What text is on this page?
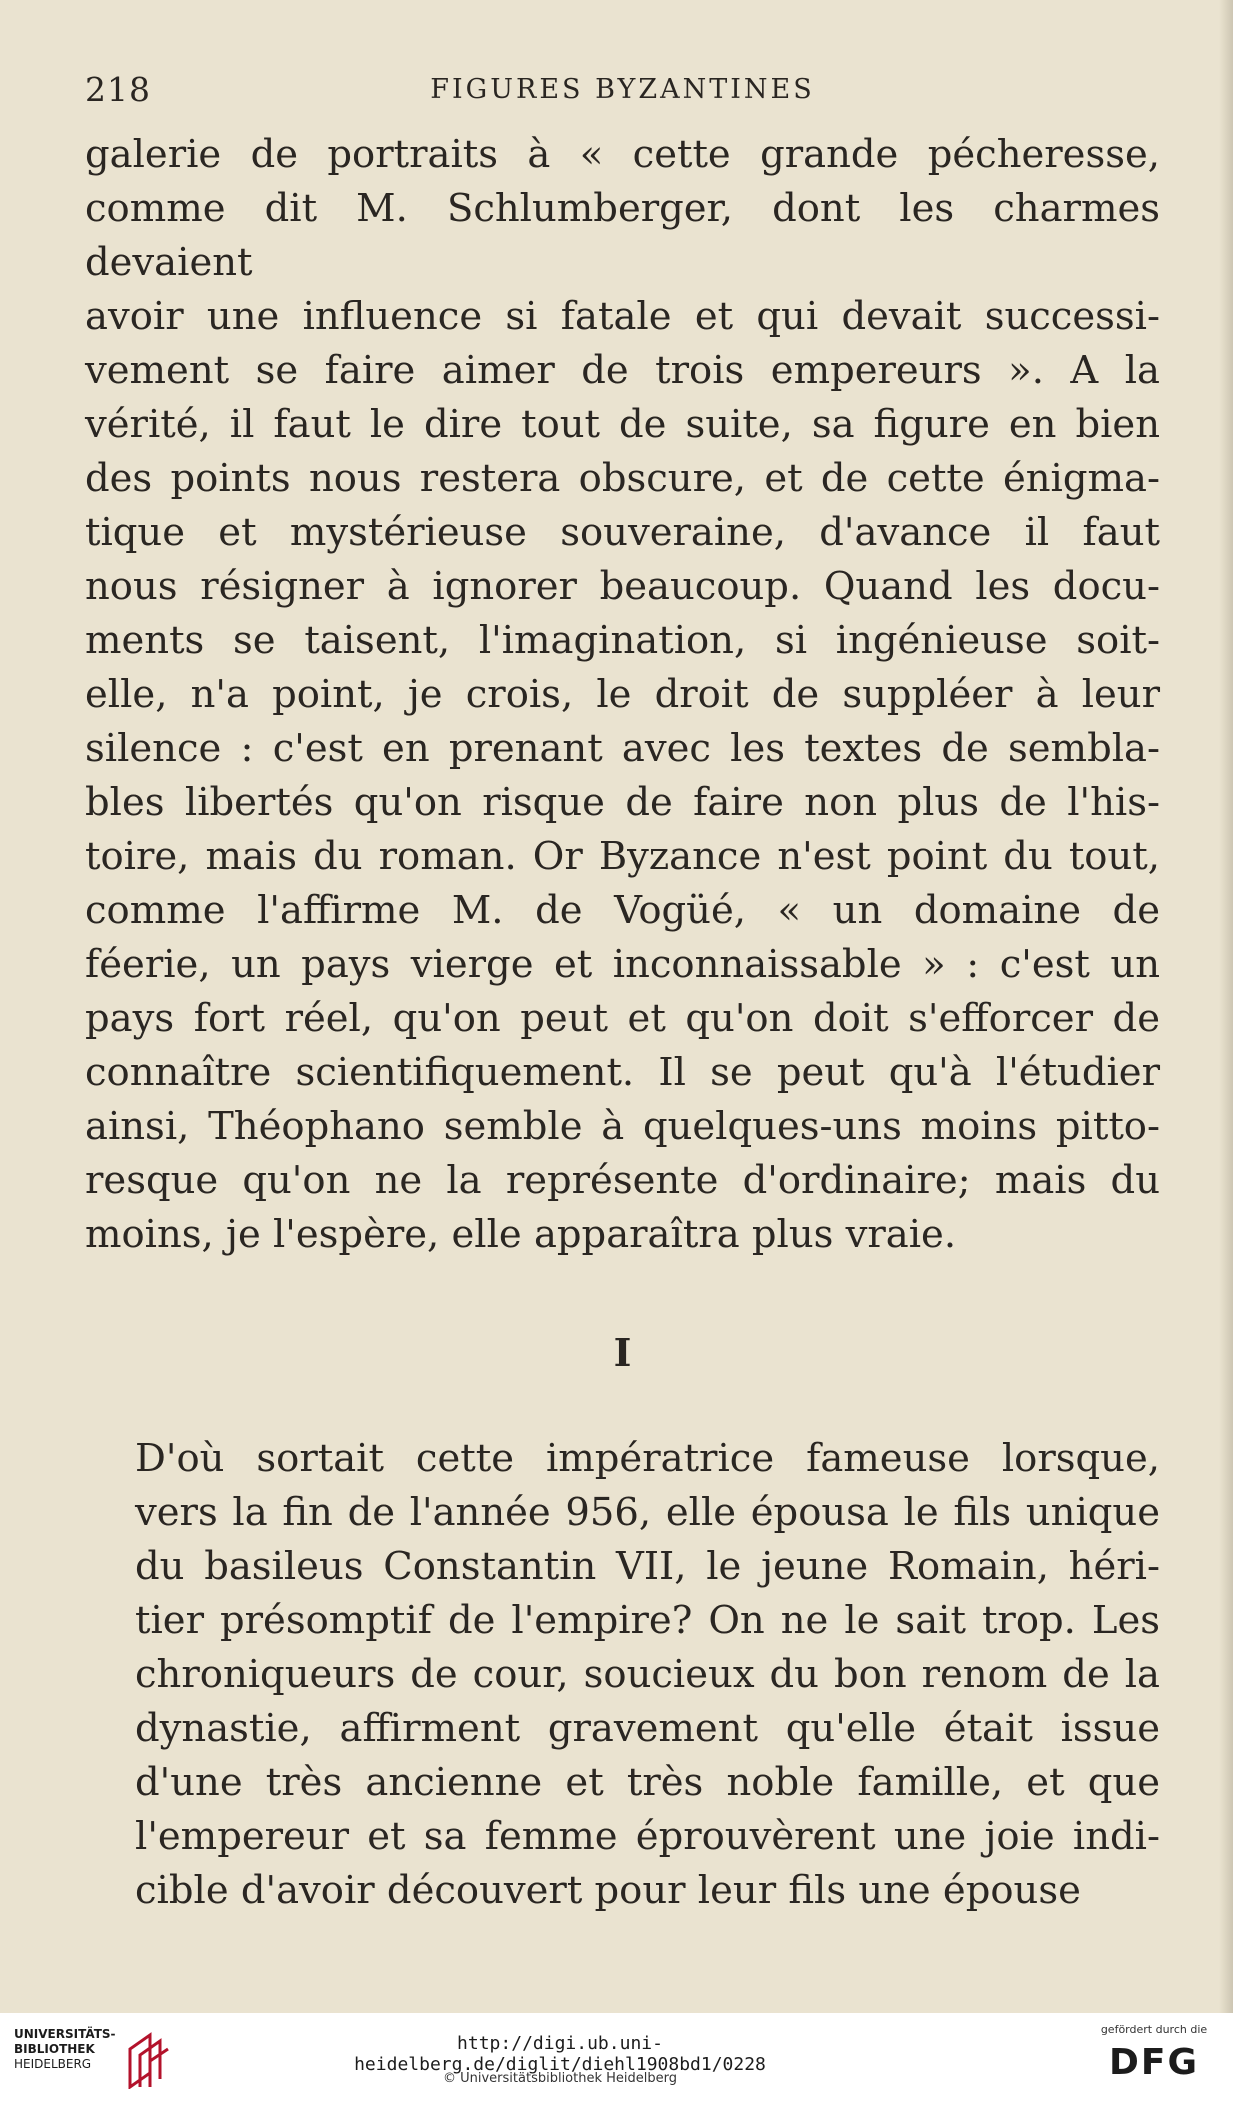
218	FIGURES BYZANTINES
galerie de portraits à « cette grande pécheresse,
comme dit M. Schlumberger, dont les charmes devaient
avoir une influence si fatale et qui devait successi-
vement se faire aimer de trois empereurs ». A la
vérité, il faut le dire tout de suite, sa figure en bien
des points nous restera obscure, et de cette énigma-
tique et mystérieuse souveraine, d'avance il faut
nous résigner à ignorer beaucoup. Quand les docu-
ments se taisent, l'imagination, si ingénieuse soit-
elle, n'a point, je crois, le droit de suppléer à leur
silence : c'est en prenant avec les textes de sembla-
bles libertés qu'on risque de faire non plus de l'his-
toire, mais du roman. Or Byzance n'est point du tout,
comme l'affirme M. de Vogüé, « un domaine de
féerie, un pays vierge et inconnaissable » : c'est un
pays fort réel, qu'on peut et qu'on doit s'efforcer de
connaître scientifiquement. Il se peut qu'à l'étudier
ainsi, Théophano semble à quelques-uns moins pitto-
resque qu'on ne la représente d'ordinaire; mais du
moins, je l'espère, elle apparaîtra plus vraie.
I
D'où sortait cette impératrice fameuse lorsque,
vers la fin de l'année 956, elle épousa le fils unique
du basileus Constantin VII, le jeune Romain, héri-
tier présomptif de l'empire? On ne le sait trop. Les
chroniqueurs de cour, soucieux du bon renom de la
dynastie, affirment gravement qu'elle était issue
d'une très ancienne et très noble famille, et que
l'empereur et sa femme éprouvèrent une joie indi-
cible d'avoir découvert pour leur fils une épouse
UNIVERSITÄTS-
BIBLIOTHEK
HEIDELBERG
http://digi.ub.uni-heidelberg.de/diglit/diehl1908bd1/0228
© Universitätsbibliothek Heidelberg
gefördert durch die
DFG
